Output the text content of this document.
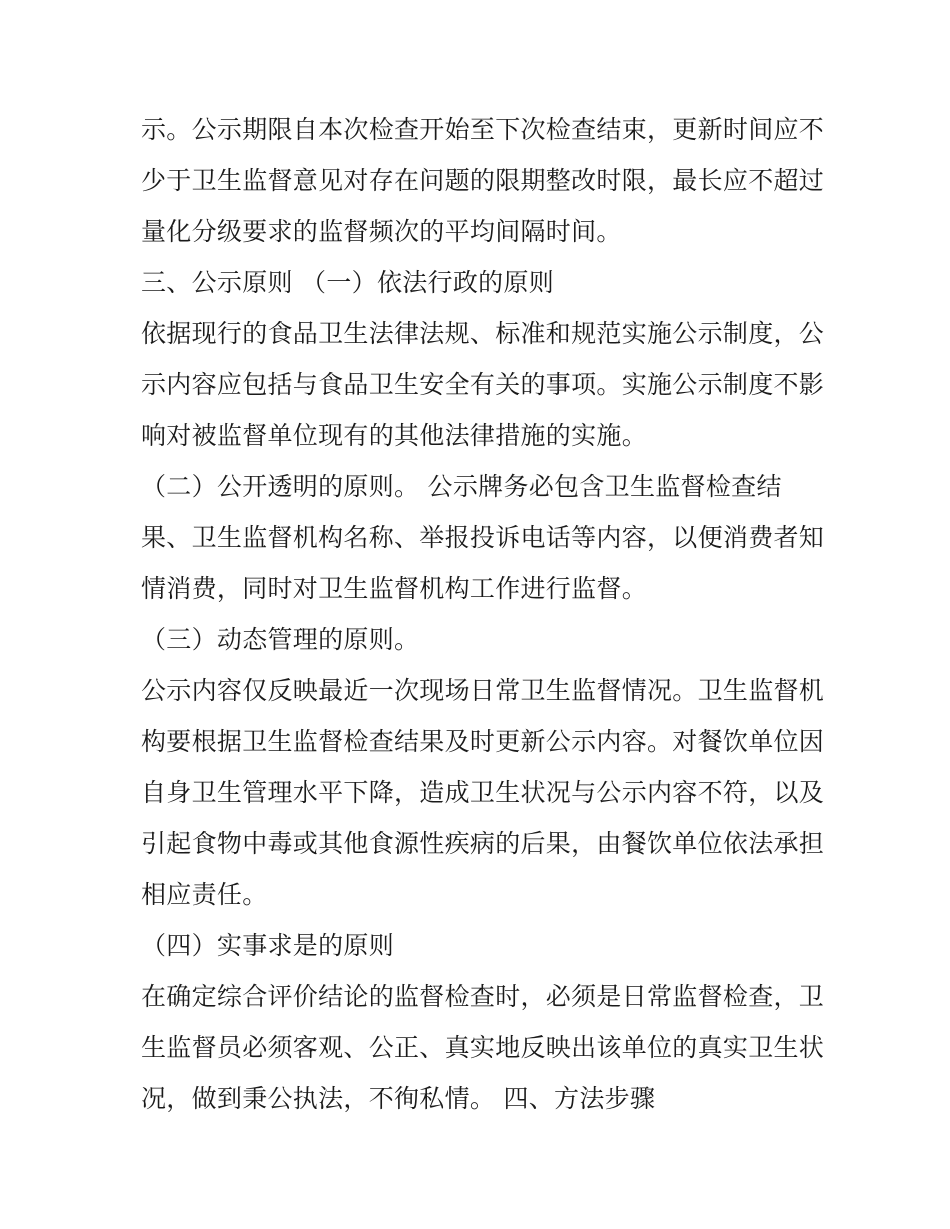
示。公示期限自本次检查开始至下次检查结束，更新时间应不
少于卫生监督意见对存在问题的限期整改时限，最长应不超过
量化分级要求的监督频次的平均间隔时间。
三、公示原则 （一）依法行政的原则
依据现行的食品卫生法律法规、标准和规范实施公示制度，公
示内容应包括与食品卫生安全有关的事项。实施公示制度不影
响对被监督单位现有的其他法律措施的实施。
（二）公开透明的原则。 公示牌务必包含卫生监督检查结
果、卫生监督机构名称、举报投诉电话等内容，以便消费者知
情消费，同时对卫生监督机构工作进行监督。
（三）动态管理的原则。
公示内容仅反映最近一次现场日常卫生监督情况。卫生监督机
构要根据卫生监督检查结果及时更新公示内容。对餐饮单位因
自身卫生管理水平下降，造成卫生状况与公示内容不符，以及
引起食物中毒或其他食源性疾病的后果，由餐饮单位依法承担
相应责任。
（四）实事求是的原则
在确定综合评价结论的监督检查时，必须是日常监督检查，卫
生监督员必须客观、公正、真实地反映出该单位的真实卫生状
况，做到秉公执法，不徇私情。 四、方法步骤
